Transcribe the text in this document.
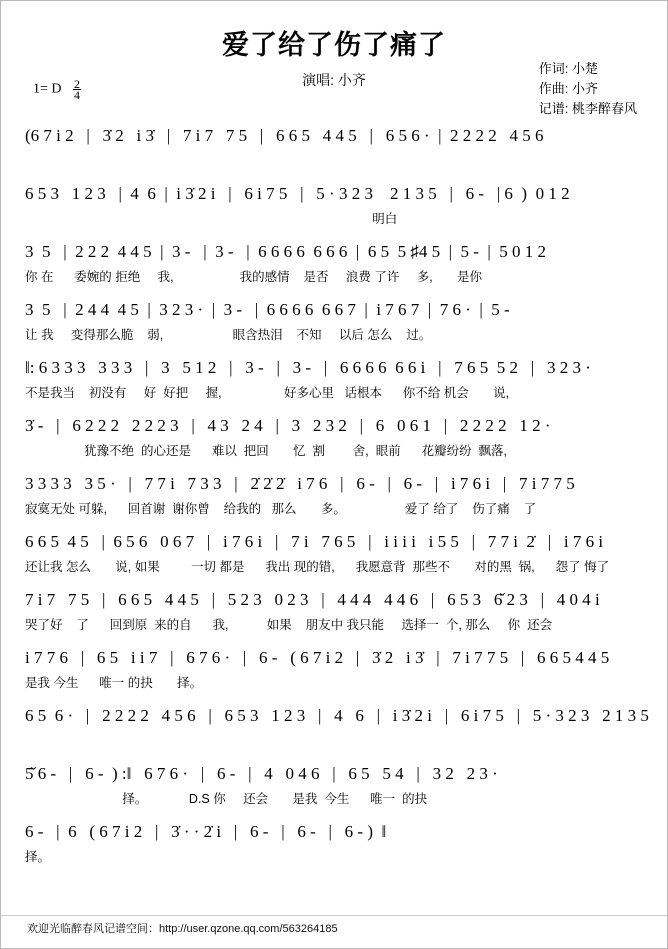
爱了给了伤了痛了
演唱: 小齐
作词: 小楚
作曲: 小齐
记谱: 桃李醉春风
1= D $\frac{2}{4}$
(6 7 i 2   |   3̇ 2   i 3̇   |   7 i 7   7 5   |   6 6 5   4 4 5   |   6 5 6 ·  |  2 2 2 2   4 5 6
6 5 3   1 2 3   |  4  6  |  i 3̇ 2 i   |   6 i 7 5   |   5 · 3 2 3    2 1 3 5   |   6 -   | 6  )  0 1 2
明白
3  5   |  2 2 2  4 4 5  |  3 -   |  3 -   |  6 6 6 6  6 6 6  |  6 5  5 ♯4 5  |  5 -  |  5 0 1 2
你 在      委婉的 拒绝     我,                   我的感情    是否     浪费 了许     多,       是你
3  5   |  2 4 4  4 5  |  3 2 3 ·  |  3 -   |  6 6 6 6  6 6 7  |  i 7 6 7  |  7 6 ·  |  5 -
让 我     变得那么脆    弱,                    眼含热泪    不知     以后 怎么    过。
‖: 6 3 3 3   3 3 3   |   3   5 1 2   |   3 -   |   3 -   |   6 6 6 6  6 6 i   |   7 6 5  5 2   |   3 2 3 ·
不是我当    初没有     好  好把     握,                  好多心里   话根本      你不给 机会       说,
3̇ -   |   6 2 2 2   2 2 2 3   |   4 3   2 4   |   3   2 3 2   |   6   0 6 1   |   2 2 2 2   1 2 ·
犹豫不绝  的心还是      难以  把回       忆  割        舍,  眼前      花瓣纷纷  飘落,
3 3 3 3   3 5 ·   |   7 7 i   7 3 3   |   2̇ 2̇ 2̇   i 7 6   |   6 -   |   6 -   |   i 7 6 i   |   7 i 7 7 5
寂寞无处 可躲,      回首谢  谢你曾    给我的   那么       多。                 爱了 给了    伤了痛    了
6 6 5  4 5   |  6 5 6   0 6 7   |   i 7 6 i   |   7 i   7 6 5   |   i i i i   i 5 5   |   7 7 i  2̇   |   i 7 6 i
还让我 怎么       说, 如果         一切 都是      我出 现的错,      我愿意背  那些不       对的黑  锅,      怨了 悔了
7 i 7   7 5   |   6 6 5   4 4 5   |   5 2 3   0 2 3   |   4 4 4   4 4 6   |   6 5 3   6̌ 2 3   |   4 0 4 i
哭了好    了      回到原  来的自      我,           如果    朋友中 我只能     选择一  个, 那么     你  还会
i 7 7 6   |   6 5   i i 7   |   6 7 6 ·   |   6 -   ( 6 7 i 2   |   3̇ 2   i 3̇   |   7 i 7 7 5   |   6 6 5 4 4 5
是我 今生      唯一 的抉       择。
6 5  6 ·   |   2 2 2 2   4 5 6   |   6 5 3   1 2 3   |   4   6   |   i 3̇ 2 i   |   6 i 7 5   |   5 · 3 2 3   2 1 3 5
5̌ 6 -   |   6 -  ) :‖   6 7 6 ·   |   6 -   |   4   0 4 6   |   6 5   5 4   |   3 2   2 3 ·
择。            D.S 你     还会       是我  今生      唯一  的抉
6 -   |  6   ( 6 7 i 2   |   3̇ · · 2̇ i   |   6 -   |   6 -   |   6 - )  ‖
择。
欢迎光临醉春风记谱空间：http://user.qzone.qq.com/563264185
